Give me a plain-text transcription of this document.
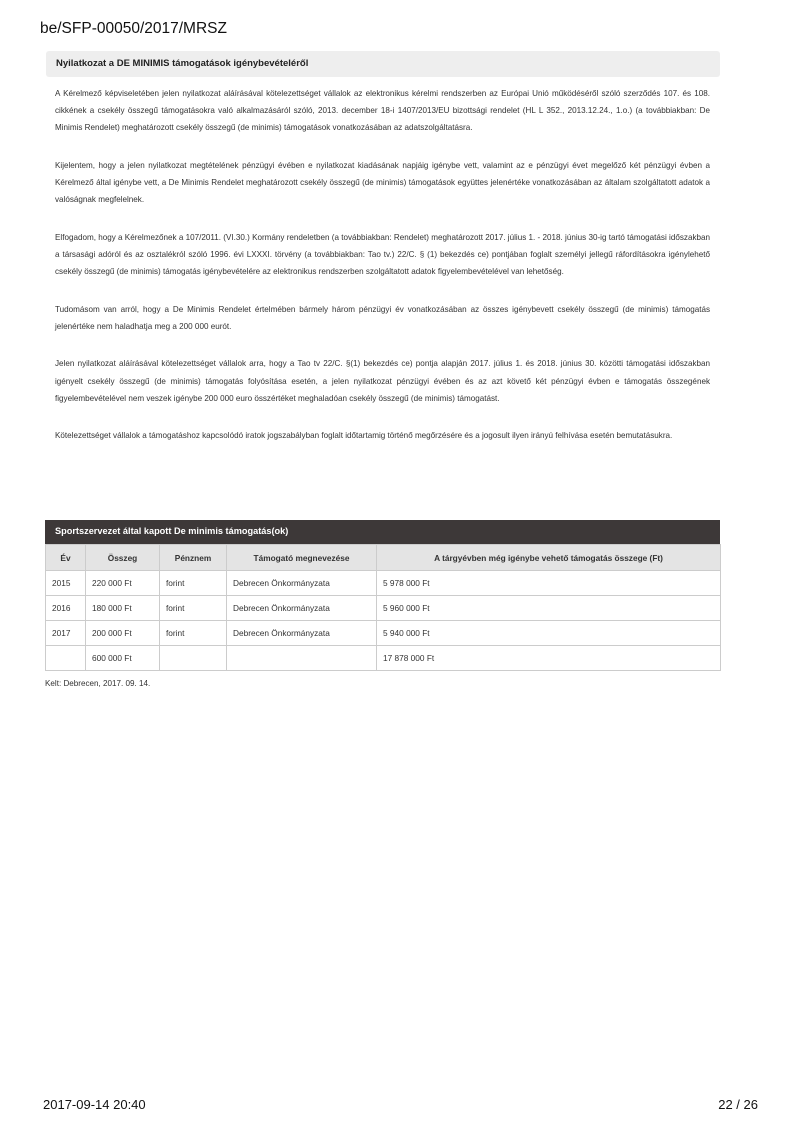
be/SFP-00050/2017/MRSZ
Nyilatkozat a DE MINIMIS támogatások igénybevételéről

A Kérelmező képviseletében jelen nyilatkozat aláírásával kötelezettséget vállalok az elektronikus kérelmi rendszerben az Európai Unió működéséről szóló szerződés 107. és 108. cikkének a csekély összegű támogatásokra való alkalmazásáról szóló, 2013. december 18-i 1407/2013/EU bizottsági rendelet (HL L 352., 2013.12.24., 1.o.) (a továbbiakban: De Minimis Rendelet) meghatározott csekély összegű (de minimis) támogatások vonatkozásában az adatszolgáltatásra.

Kijelentem, hogy a jelen nyilatkozat megtételének pénzügyi évében e nyilatkozat kiadásának napjáig igénybe vett, valamint az e pénzügyi évet megelőző két pénzügyi évben a Kérelmező által igénybe vett, a De Minimis Rendelet meghatározott csekély összegű (de minimis) támogatások együttes jelenértéke vonatkozásában az általam szolgáltatott adatok a valóságnak megfelelnek.

Elfogadom, hogy a Kérelmezőnek a 107/2011. (VI.30.) Kormány rendeletben (a továbbiakban: Rendelet) meghatározott 2017. július 1. - 2018. június 30-ig tartó támogatási időszakban a társasági adóról és az osztalékról szóló 1996. évi LXXXI. törvény (a továbbiakban: Tao tv.) 22/C. § (1) bekezdés ce) pontjában foglalt személyi jellegű ráfordításokra igénylehető csekély összegű (de minimis) támogatás igénybevételére az elektronikus rendszerben szolgáltatott adatok figyelembevételével van lehetőség.

Tudomásom van arról, hogy a De Minimis Rendelet értelmében bármely három pénzügyi év vonatkozásában az összes igénybevett csekély összegű (de minimis) támogatás jelenértéke nem haladhatja meg a 200 000 eurót.

Jelen nyilatkozat aláírásával kötelezettséget vállalok arra, hogy a Tao tv 22/C. §(1) bekezdés ce) pontja alapján 2017. július 1. és 2018. június 30. közötti támogatási időszakban igényelt csekély összegű (de minimis) támogatás folyósítása esetén, a jelen nyilatkozat pénzügyi évében és az azt követő két pénzügyi évben e támogatás összegének figyelembevételével nem veszek igénybe 200 000 euro összértéket meghaladóan csekély összegű (de minimis) támogatást.

Kötelezettséget vállalok a támogatáshoz kapcsolódó iratok jogszabályban foglalt időtartamig történő megőrzésére és a jogosult ilyen irányú felhívása esetén bemutatásukra.

Sportszervezet által kapott De minimis támogatás(ok)
Év	Összeg	Pénznem	Támogató megnevezése	A tárgyévben még igénybe vehető támogatás összege (Ft)
2015	220 000 Ft	forint	Debrecen Önkormányzata	5 978 000 Ft
2016	180 000 Ft	forint	Debrecen Önkormányzata	5 960 000 Ft
2017	200 000 Ft	forint	Debrecen Önkormányzata	5 940 000 Ft
	600 000 Ft			17 878 000 Ft
Kelt: Debrecen, 2017. 09. 14.
2017-09-14 20:40	22 / 26
